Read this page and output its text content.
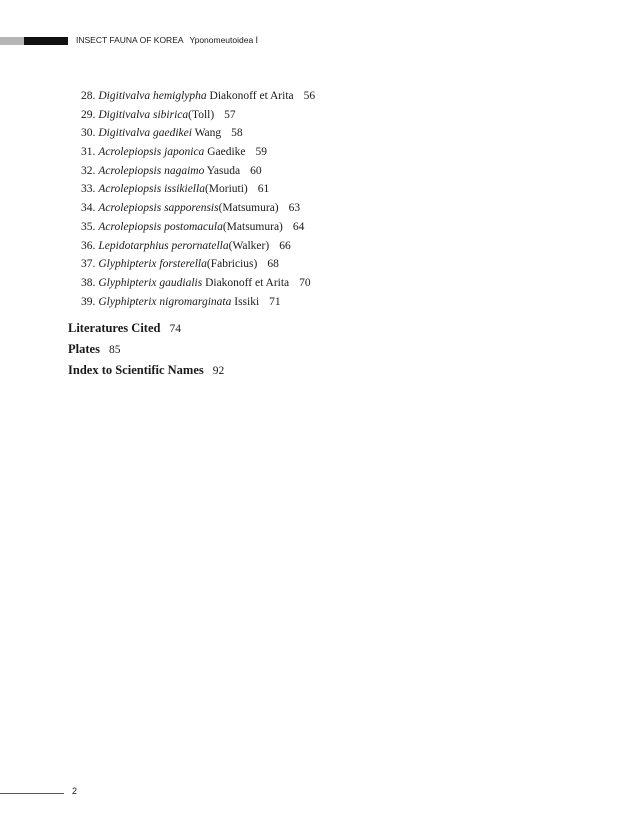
INSECT FAUNA OF KOREA Yponomeutoidea Ⅰ
28. Digitivalva hemiglypha Diakonoff et Arita 56
29. Digitivalva sibirica(Toll) 57
30. Digitivalva gaedikei Wang 58
31. Acrolepiopsis japonica Gaedike 59
32. Acrolepiopsis nagaimo Yasuda 60
33. Acrolepiopsis issikiella(Moriuti) 61
34. Acrolepiopsis sapporensis(Matsumura) 63
35. Acrolepiopsis postomacula(Matsumura) 64
36. Lepidotarphius perornatella(Walker) 66
37. Glyphipterix forsterella(Fabricius) 68
38. Glyphipterix gaudialis Diakonoff et Arita 70
39. Glyphipterix nigromarginata Issiki 71
Literatures Cited 74
Plates 85
Index to Scientific Names 92
2
